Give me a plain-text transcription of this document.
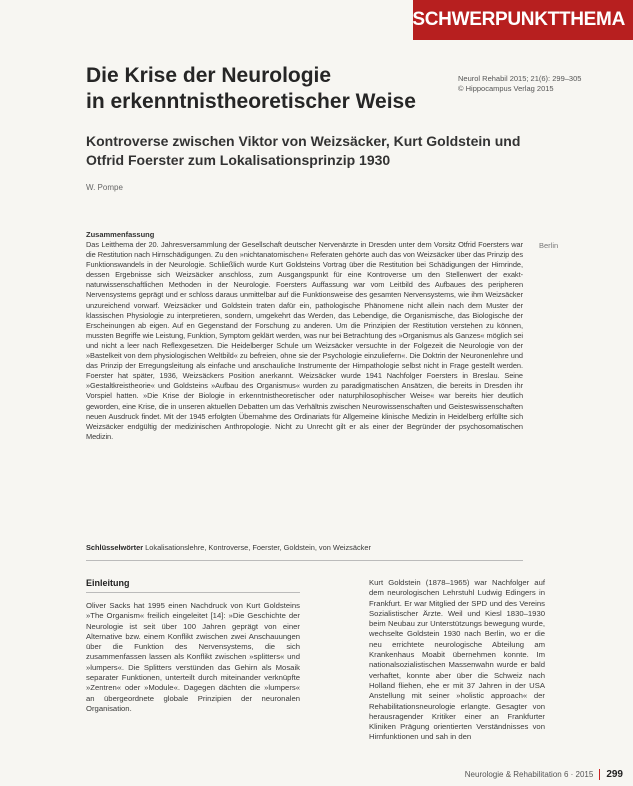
SCHWERPUNKTTHEMA
Die Krise der Neurologie
in erkenntnistheoretischer Weise
Neurol Rehabil 2015; 21(6): 299–305
© Hippocampus Verlag 2015
Kontroverse zwischen Viktor von Weizsäcker, Kurt Goldstein und Otfrid Foerster zum Lokalisationsprinzip 1930
W. Pompe
Zusammenfassung
Berlin
Das Leitthema der 20. Jahresversammlung der Gesellschaft deutscher Nervenärzte in Dresden unter dem Vorsitz Otfrid Foersters war die Restitution nach Hirnschädigungen. Zu den »nichtanatomischen« Referaten gehörte auch das von Weizsäcker über das Prinzip des Funktionswandels in der Neurologie. Schließlich wurde Kurt Goldsteins Vortrag über die Restitution bei Schädigungen der Hirnrinde, dessen Ergebnisse sich Weizsäcker anschloss, zum Ausgangspunkt für eine Kontroverse um den Stellenwert der exakt-naturwissenschaftlichen Methoden in der Neurologie. Foersters Auffassung war vom Leitbild des Aufbaues des peripheren Nervensystems geprägt und er schloss daraus unmittelbar auf die Funktionsweise des gesamten Nervensystems, wie ihm Weizsäcker unzureichend vorwarf. Weizsäcker und Goldstein traten dafür ein, pathologische Phänomene nicht allein nach dem Muster der klassischen Physiologie zu interpretieren, sondern, umgekehrt das Werden, das Lebendige, die Organismische, das Biologische der Erscheinungen ab eigen. Auf en Gegenstand der Forschung zu anderen. Um die Prinzipien der Restitution verstehen zu können, mussten Begriffe wie Leistung, Funktion, Symptom geklärt werden, was nur bei Betrachtung des »Organismus als Ganzes« möglich sei und nicht a leer nach Reflexgesetzen. Die Heidelberger Schule um Weizsäcker versuchte in der Folgezeit die Neurologie von der »Bastelkeit von dem physiologischen Weltbild« zu befreien, ohne sie der Psychologie einzuliefern«. Die Doktrin der Neuronenlehre und das Prinzip der Erregungsleitung als einfache und anschauliche Instrumente der Hirnpathologie selbst nicht in Frage gestellt werden. Foerster hat später, 1936, Weizsäckers Position anerkannt. Weizsäcker wurde 1941 Nachfolger Foersters in Breslau. Seine »Gestaltkreistheorie« und Goldsteins »Aufbau des Organismus« wurden zu paradigmatischen Ansätzen, die bereits in Dresden ihr Vorspiel hatten. »Die Krise der Biologie in erkenntnistheoretischer oder naturphilosophischer Weise« war bereits hier deutlich geworden, eine Krise, die in unseren aktuellen Debatten um das Verhältnis zwischen Neurowissenschaften und Geisteswissenschaften neuen Ausdruck findet. Mit der 1945 erfolgten Übernahme des Ordinariats für Allgemeine klinische Medizin in Heidelberg erfüllte sich Weizsäcker endgültig der medizinischen Anthropologie. Nicht zu Unrecht gilt er als einer der Begründer der psychosomatischen Medizin.
Schlüsselwörter Lokalisationslehre, Kontroverse, Foerster, Goldstein, von Weizsäcker
Einleitung
Oliver Sacks hat 1995 einen Nachdruck von Kurt Goldsteins »The Organism« freilich eingeleitet [14]: »Die Geschichte der Neurologie ist seit über 100 Jahren geprägt von einer Alternative bzw. einem Konflikt zwischen zwei Anschauungen über die Funktion des Nervensystems, die sich zusammenfassen lassen als Konflikt zwischen »splitters« und »lumpers«. Die Splitters verstünden das Gehirn als Mosaik separater Funktionen, unterteilt durch miteinander verknüpfte »Zentren« oder »Module«. Dagegen dächten die »lumpers« an übergeordnete globale Prinzipien der neuronalen Organisation.
Kurt Goldstein (1878–1965) war Nachfolger auf dem neurologischen Lehrstuhl Ludwig Edingers in Frankfurt. Er war Mitglied der SPD und des Vereins Sozialistischer Ärzte. Weil und Kiesl 1830–1930 beim Neubau zur Unterstützungs bewegung wurde, wechselte Goldstein 1930 nach Berlin, wo er die neu errichtete neurologische Abteilung am Krankenhaus Moabit übernehmen konnte. Im nationalsozialistischen Massenwahn wurde er bald verhaftet, konnte aber über die Schweiz nach Holland fliehen, ehe er mit 37 Jahren in der USA Anstellung mit seiner »holistic approach« der Rehabilitationsneurologie erlangte. Gesagter von herausragender Kritiker einer an Frankfurter Kliniken Prägung orientierten Verständnisses von Hirnfunktionen und sah in den
Neurologie & Rehabilitation 6 · 2015 299
